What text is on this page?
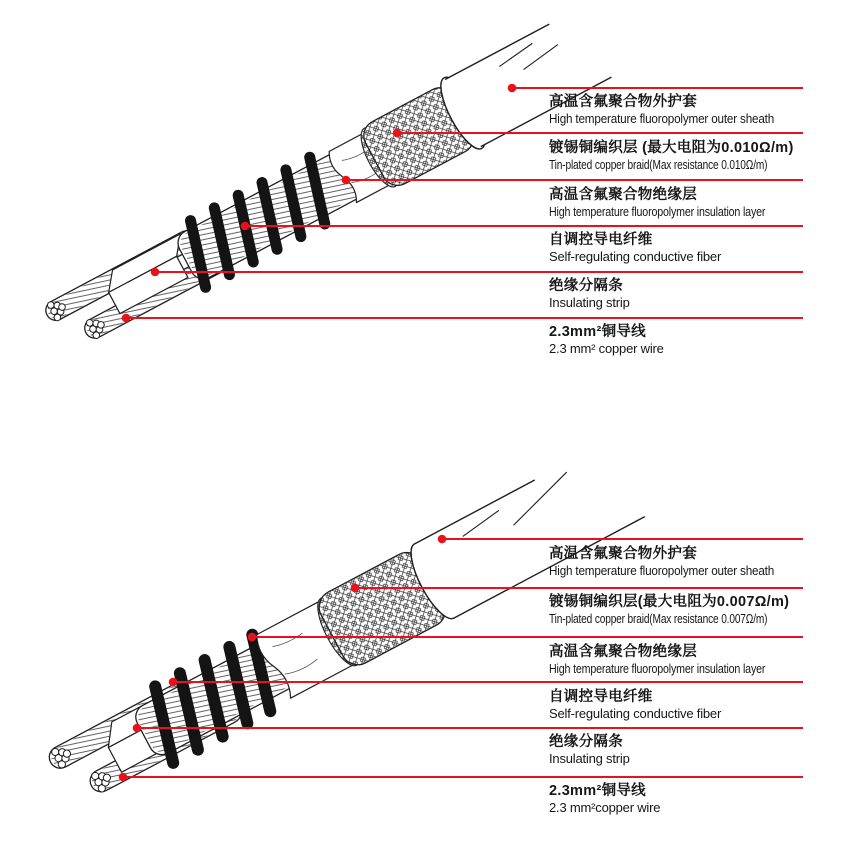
高温含氟聚合物外护套
High temperature fluoropolymer outer sheath
镀锡铜编织层 (最大电阻为0.010Ω/m)
Tin-plated copper braid(Max resistance 0.010Ω/m)
高温含氟聚合物绝缘层
High temperature fluoropolymer insulation layer
自调控导电纤维
Self-regulating conductive fiber
绝缘分隔条
Insulating strip
2.3mm²铜导线
2.3 mm² copper wire
高温含氟聚合物外护套
High temperature fluoropolymer outer sheath
镀锡铜编织层(最大电阻为0.007Ω/m)
Tin-plated copper braid(Max resistance 0.007Ω/m)
高温含氟聚合物绝缘层
High temperature fluoropolymer insulation layer
自调控导电纤维
Self-regulating conductive fiber
绝缘分隔条
Insulating strip
2.3mm²铜导线
2.3 mm²copper wire
